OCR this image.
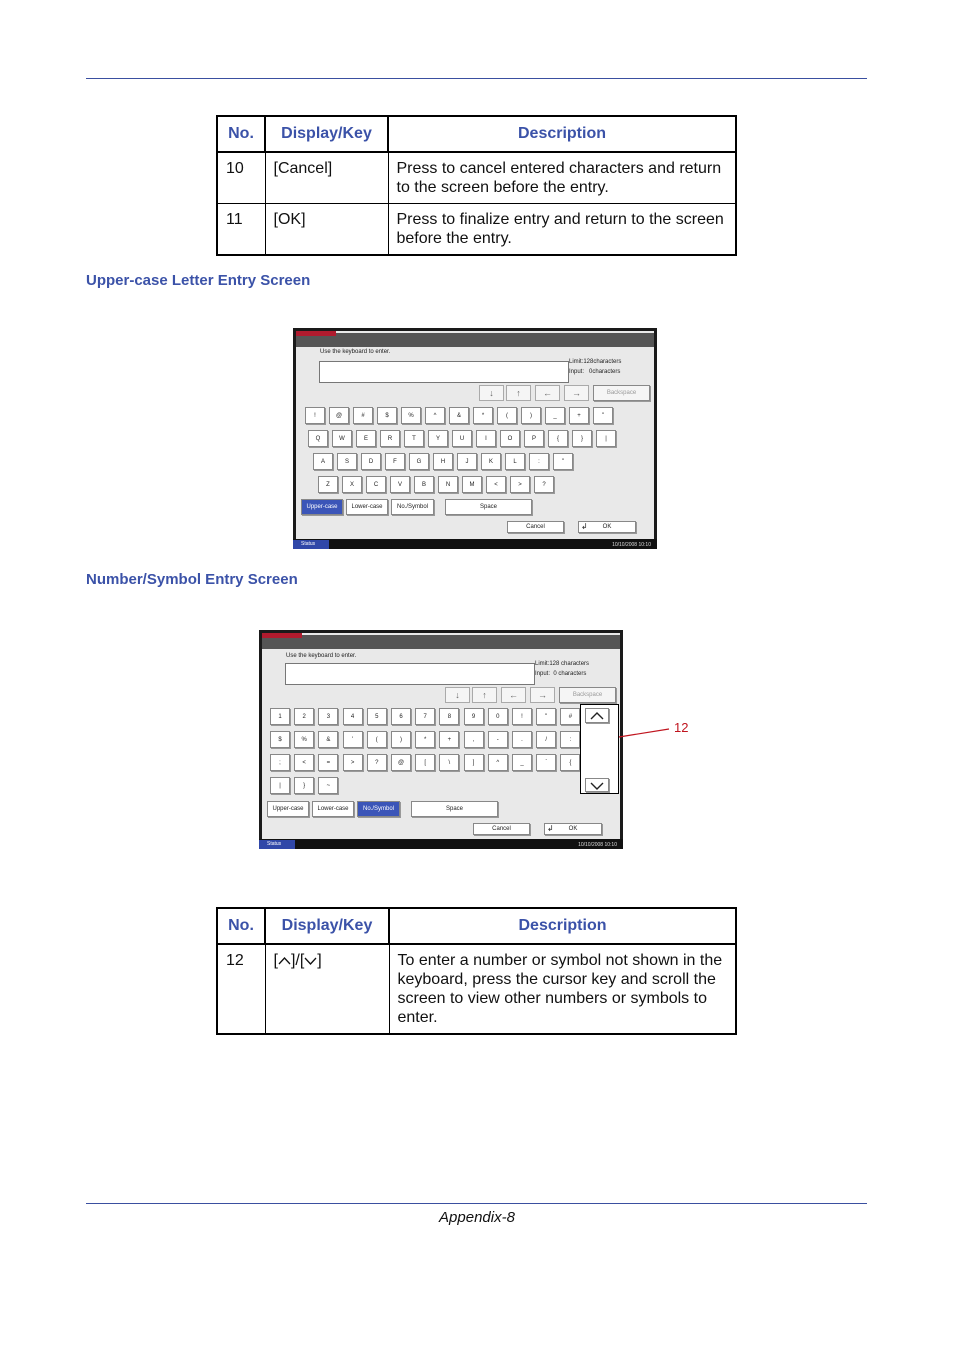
No.	Display/Key	Description
10	[Cancel]	Press to cancel entered characters and return to the screen before the entry.
11	[OK]	Press to finalize entry and return to the screen before the entry.
Upper-case Letter Entry Screen
Use the keyboard to enter.
Limit:128characters
Input: 0characters
↓	↑	←	→	Backspace
!	@	#	$	%	^	&	*	(	)	_	+	"
Q	W	E	R	T	Y	U	I	O	P	{	}	|
A	S	D	F	G	H	J	K	L	:	"
Z	X	C	V	B	N	M	<	>	?
Upper-case	Lower-case	No./Symbol	Space
Cancel	↲ OK
Status	10/10/2008 10:10
Number/Symbol Entry Screen
Use the keyboard to enter.
Limit:128 characters
Input: 0 characters
↓	↑	←	→	Backspace
1	2	3	4	5	6	7	8	9	0	!	"	#
$	%	&	'	(	)	*	+	,	-	.	/	:
;	<	=	>	?	@	[	\	]	^	_	`	{
|	}	~
Upper-case	Lower-case	No./Symbol	Space
Cancel	↲ OK
Status	10/10/2008 10:10
12
No.	Display/Key	Description
12	[ ]/[ ]	To enter a number or symbol not shown in the keyboard, press the cursor key and scroll the screen to view other numbers or symbols to enter.
Appendix-8
